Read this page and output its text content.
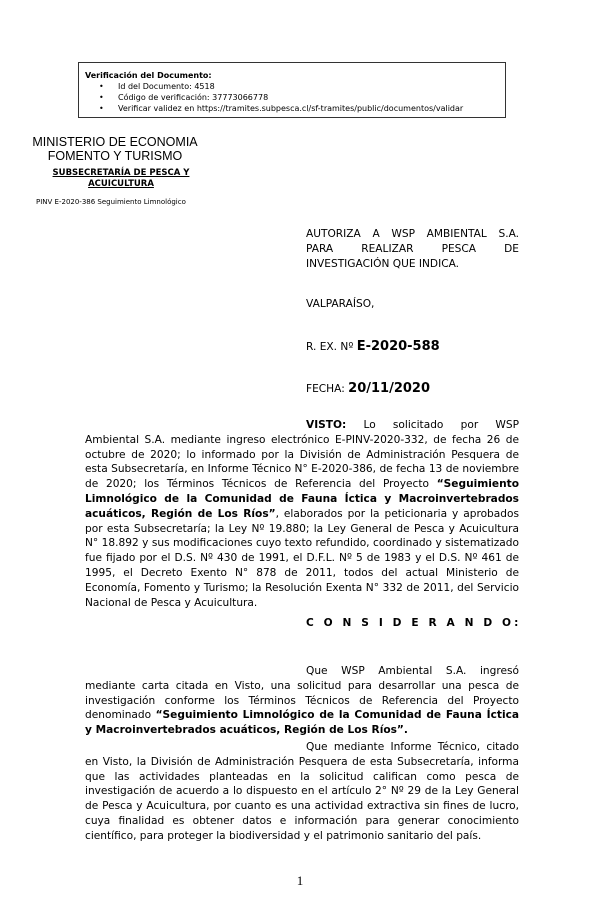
Verificación del Documento:
• Id del Documento: 4518
• Código de verificación: 37773066778
• Verificar validez en https://tramites.subpesca.cl/sf-tramites/public/documentos/validar
MINISTERIO DE ECONOMIA
FOMENTO Y TURISMO
SUBSECRETARÍA DE PESCA Y
ACUICULTURA
PINV E-2020-386 Seguimiento Limnológico
AUTORIZA A WSP AMBIENTAL S.A.
PARA REALIZAR PESCA DE
INVESTIGACIÓN QUE INDICA.
VALPARAÍSO,
R. EX. Nº E-2020-588
FECHA: 20/11/2020
VISTO: Lo solicitado por WSP Ambiental S.A. mediante ingreso electrónico E-PINV-2020-332, de fecha 26 de octubre de 2020; lo informado por la División de Administración Pesquera de esta Subsecretaría, en Informe Técnico N° E-2020-386, de fecha 13 de noviembre de 2020; los Términos Técnicos de Referencia del Proyecto “Seguimiento Limnológico de la Comunidad de Fauna Íctica y Macroinvertebrados acuáticos, Región de Los Ríos”, elaborados por la peticionaria y aprobados por esta Subsecretaría; la Ley Nº 19.880; la Ley General de Pesca y Acuicultura N° 18.892 y sus modificaciones cuyo texto refundido, coordinado y sistematizado fue fijado por el D.S. Nº 430 de 1991, el D.F.L. Nº 5 de 1983 y el D.S. Nº 461 de 1995, el Decreto Exento N° 878 de 2011, todos del actual Ministerio de Economía, Fomento y Turismo; la Resolución Exenta N° 332 de 2011, del Servicio Nacional de Pesca y Acuicultura.
C O N S I D E R A N D O:
Que WSP Ambiental S.A. ingresó mediante carta citada en Visto, una solicitud para desarrollar una pesca de investigación conforme los Términos Técnicos de Referencia del Proyecto denominado “Seguimiento Limnológico de la Comunidad de Fauna Íctica y Macroinvertebrados acuáticos, Región de Los Ríos”.
Que mediante Informe Técnico, citado en Visto, la División de Administración Pesquera de esta Subsecretaría, informa que las actividades planteadas en la solicitud califican como pesca de investigación de acuerdo a lo dispuesto en el artículo 2° Nº 29 de la Ley General de Pesca y Acuicultura, por cuanto es una actividad extractiva sin fines de lucro, cuya finalidad es obtener datos e información para generar conocimiento científico, para proteger la biodiversidad y el patrimonio sanitario del país.
1
